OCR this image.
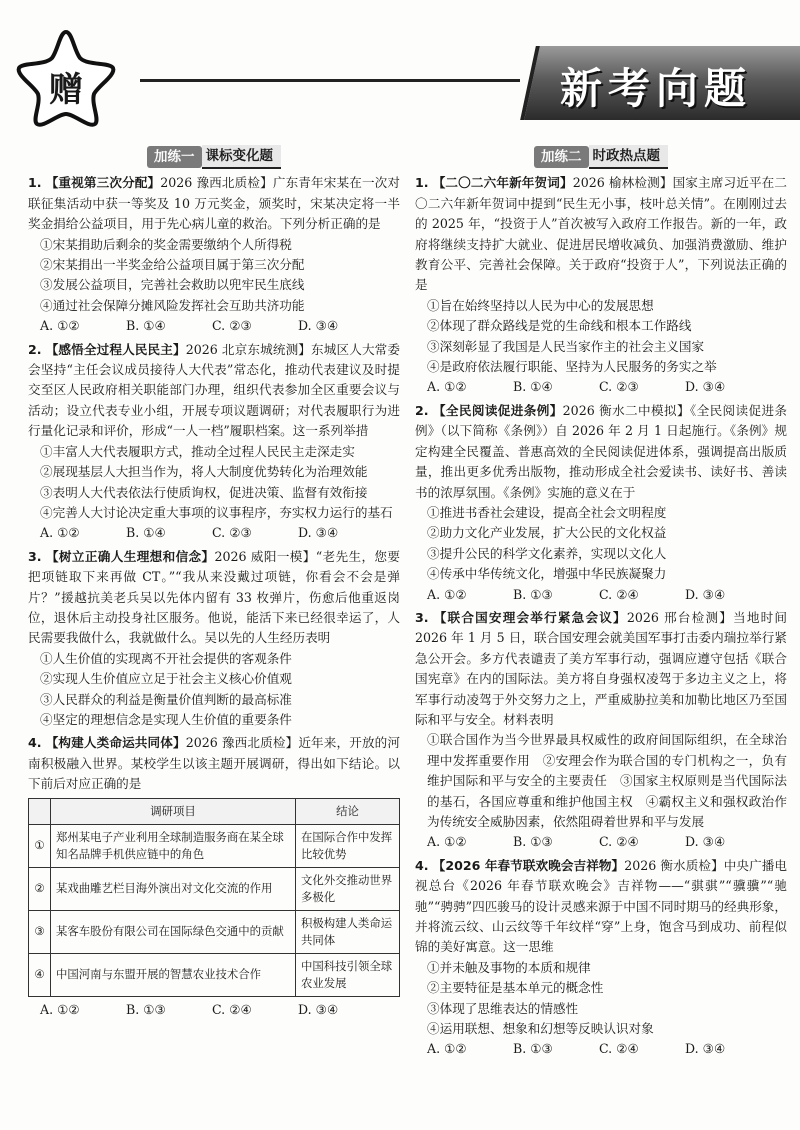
赠	新考向题
加练一 课标变化题
1. 【重视第三次分配】2026 豫西北质检】广东青年宋某在一次对联征集活动中获一等奖及 10 万元奖金，颁奖时，宋某决定将一半奖金捐给公益项目，用于先心病儿童的救治。下列分析正确的是
①宋某捐助后剩余的奖金需要缴纳个人所得税
②宋某捐出一半奖金给公益项目属于第三次分配
③发展公益项目，完善社会救助以兜牢民生底线
④通过社会保障分摊风险发挥社会互助共济功能
A. ①②	B. ①④	C. ②③	D. ③④
2. 【感悟全过程人民民主】2026 北京东城统测】东城区人大常委会坚持“主任会议成员接待人大代表”常态化，推动代表建议及时提交至区人民政府相关职能部门办理，组织代表参加全区重要会议与活动；设立代表专业小组，开展专项议题调研；对代表履职行为进行量化记录和评价，形成“一人一档”履职档案。这一系列举措
①丰富人大代表履职方式，推动全过程人民民主走深走实
②展现基层人大担当作为，将人大制度优势转化为治理效能
③表明人大代表依法行使质询权，促进决策、监督有效衔接
④完善人大讨论决定重大事项的议事程序，夯实权力运行的基石
A. ①②	B. ①④	C. ②③	D. ③④
3. 【树立正确人生理想和信念】2026 威阳一模】“老先生，您要把项链取下来再做 CT。”“我从来没戴过项链，你看会不会是弹片？”援越抗美老兵吴以先体内留有 33 枚弹片，伤愈后他重返岗位，退休后主动投身社区服务。他说，能活下来已经很幸运了，人民需要我做什么，我就做什么。吴以先的人生经历表明
①人生价值的实现离不开社会提供的客观条件
②实现人生价值应立足于社会主义核心价值观
③人民群众的利益是衡量价值判断的最高标准
④坚定的理想信念是实现人生价值的重要条件
4. 【构建人类命运共同体】2026 豫西北质检】近年来，开放的河南积极融入世界。某校学生以该主题开展调研，得出如下结论。以下前后对应正确的是
	调研项目	结论
①	郑州某电子产业利用全球制造服务商在某全球知名品牌手机供应链中的角色	在国际合作中发挥比较优势
②	某戏曲雕艺栏目海外演出对文化交流的作用	文化外交推动世界多极化
③	某客车股份有限公司在国际绿色交通中的贡献	积极构建人类命运共同体
④	中国河南与东盟开展的智慧农业技术合作	中国科技引领全球农业发展
A. ①②	B. ①③	C. ②④	D. ③④
加练二 时政热点题
1. 【二〇二六年新年贺词】2026 榆林检测】国家主席习近平在二〇二六年新年贺词中提到“民生无小事，枝叶总关情”。在刚刚过去的 2025 年，“投资于人”首次被写入政府工作报告。新的一年，政府将继续支持扩大就业、促进居民增收减负、加强消费激励、维护教育公平、完善社会保障。关于政府“投资于人”，下列说法正确的是
①旨在始终坚持以人民为中心的发展思想
②体现了群众路线是党的生命线和根本工作路线
③深刻彰显了我国是人民当家作主的社会主义国家
④是政府依法履行职能、坚持为人民服务的务实之举
A. ①②	B. ①④	C. ②③	D. ③④
2. 【全民阅读促进条例】2026 衡水二中模拟】《全民阅读促进条例》（以下简称《条例》）自 2026 年 2 月 1 日起施行。《条例》规定构建全民覆盖、普惠高效的全民阅读促进体系，强调提高出版质量，推出更多优秀出版物，推动形成全社会爱读书、读好书、善读书的浓厚氛围。《条例》实施的意义在于
①推进书香社会建设，提高全社会文明程度
②助力文化产业发展，扩大公民的文化权益
③提升公民的科学文化素养，实现以文化人
④传承中华传统文化，增强中华民族凝聚力
A. ①②	B. ①③	C. ②④	D. ③④
3. 【联合国安理会举行紧急会议】2026 邢台检测】当地时间 2026 年 1 月 5 日，联合国安理会就美国军事打击委内瑞拉举行紧急公开会。多方代表谴责了美方军事行动，强调应遵守包括《联合国宪章》在内的国际法。美方将自身强权凌驾于多边主义之上，将军事行动凌驾于外交努力之上，严重威胁拉美和加勒比地区乃至国际和平与安全。材料表明
①联合国作为当今世界最具权威性的政府间国际组织，在全球治理中发挥重要作用　②安理会作为联合国的专门机构之一，负有维护国际和平与安全的主要责任　③国家主权原则是当代国际法的基石，各国应尊重和维护他国主权　④霸权主义和强权政治作为传统安全威胁因素，依然阻碍着世界和平与发展
A. ①②	B. ①③	C. ②④	D. ③④
4. 【2026 年春节联欢晚会吉祥物】2026 衡水质检】中央广播电视总台《2026 年春节联欢晚会》吉祥物——“骐骐”“骥骥”“驰驰”“骋骋”四匹骏马的设计灵感来源于中国不同时期马的经典形象，并将流云纹、山云纹等千年纹样“穿”上身，饱含马到成功、前程似锦的美好寓意。这一思维
①并未触及事物的本质和规律
②主要特征是基本单元的概念性
③体现了思维表达的情感性
④运用联想、想象和幻想等反映认识对象
A. ①②	B. ①③	C. ②④	D. ③④
